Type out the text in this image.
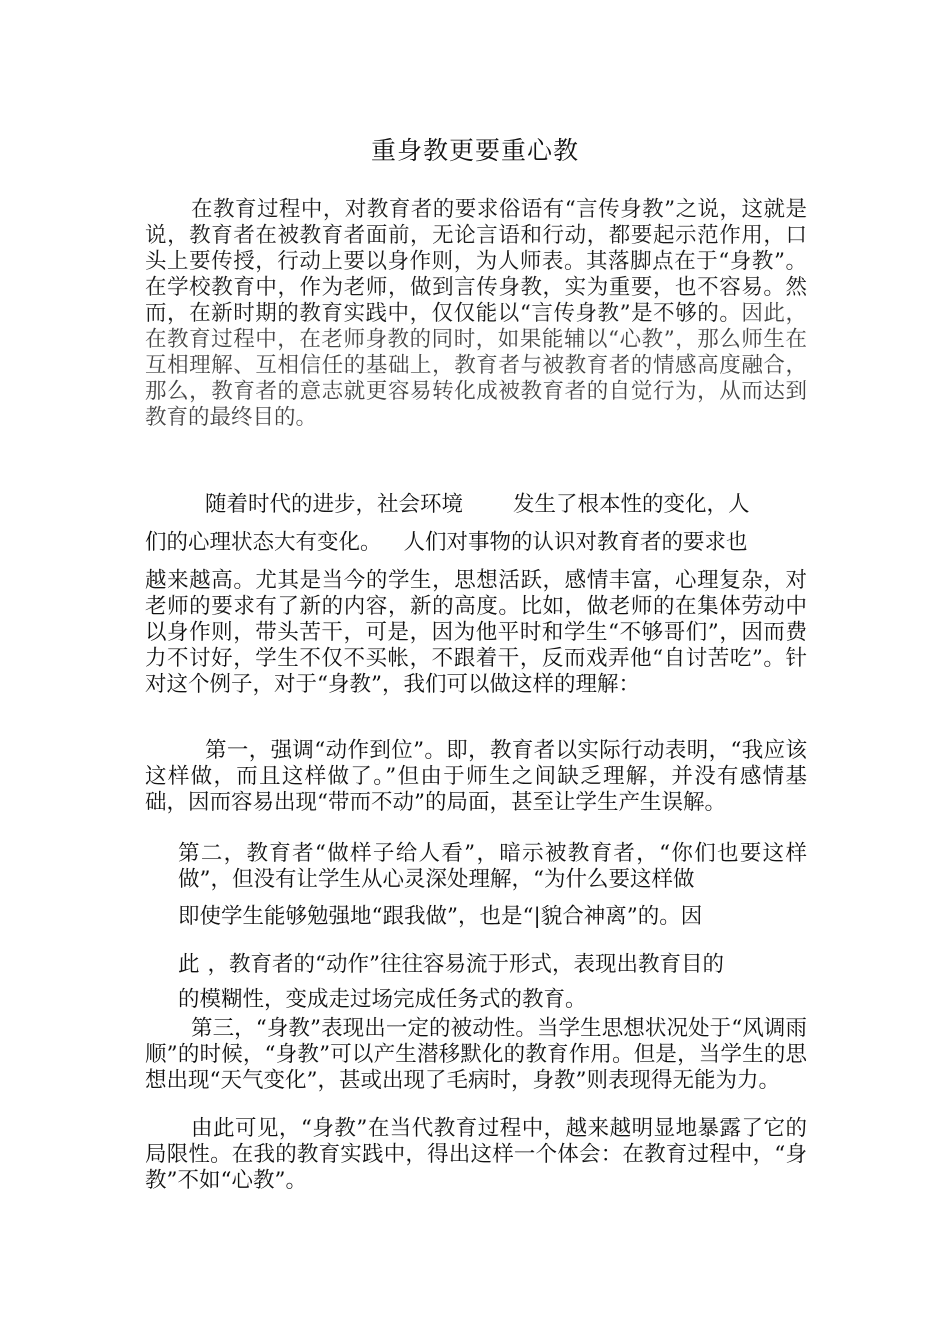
重身教更要重心教

在教育过程中，对教育者的要求俗语有“言传身教”之说，这就是说，教育者在被教育者面前，无论言语和行动，都要起示范作用，口头上要传授，行动上要以身作则，为人师表。其落脚点在于“身教”。在学校教育中，作为老师，做到言传身教，实为重要，也不容易。然而，在新时期的教育实践中，仅仅能以“言传身教”是不够的。因此，在教育过程中，在老师身教的同时，如果能辅以“心教”，那么师生在互相理解、互相信任的基础上，教育者与被教育者的情感高度融合，那么，教育者的意志就更容易转化成被教育者的自觉行为，从而达到教育的最终目的。

随着时代的进步，社会环境 发生了根本性的变化，人
们的心理状态大有变化。 人们对事物的认识对教育者的要求也

越来越高。尤其是当今的学生，思想活跃，感情丰富，心理复杂，对老师的要求有了新的内容，新的高度。比如，做老师的在集体劳动中以身作则，带头苦干，可是，因为他平时和学生“不够哥们”，因而费力不讨好，学生不仅不买帐，不跟着干，反而戏弄他“自讨苦吃”。针对这个例子，对于“身教”，我们可以做这样的理解：

第一，强调“动作到位”。即，教育者以实际行动表明，“我应该这样做，而且这样做了。”但由于师生之间缺乏理解，并没有感情基础，因而容易出现“带而不动”的局面，甚至让学生产生误解。

第二，教育者“做样子给人看”，暗示被教育者，“你们也要这样做”，但没有让学生从心灵深处理解，“为什么要这样做

即使学生能够勉强地“跟我做”，也是“|貌合神离”的。因
此 ，教育者的“动作”往往容易流于形式，表现出教育目的
的模糊性，变成走过场完成任务式的教育。

第三，“身教”表现出一定的被动性。当学生思想状况处于“风调雨顺”的时候，“身教”可以产生潜移默化的教育作用。但是，当学生的思想出现“天气变化”，甚或出现了毛病时，身教”则表现得无能为力。

由此可见，“身教”在当代教育过程中，越来越明显地暴露了它的局限性。在我的教育实践中，得出这样一个体会：在教育过程中，“身教”不如“心教”。
